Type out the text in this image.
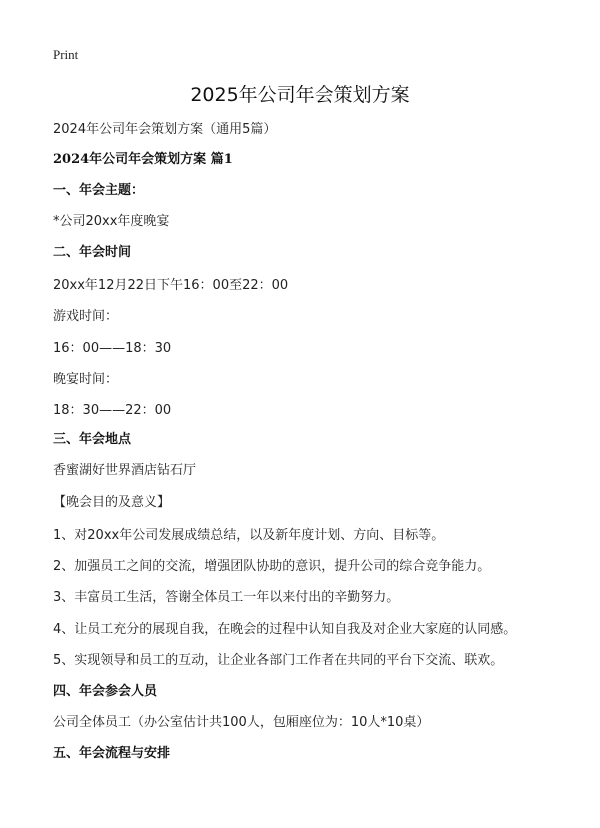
Print
2025年公司年会策划方案

2024年公司年会策划方案（通用5篇）

2024年公司年会策划方案 篇1

一、年会主题：

*公司20xx年度晚宴

二、年会时间

20xx年12月22日下午16：00至22：00

游戏时间：

16：00——18：30

晚宴时间：

18：30——22：00

三、年会地点

香蜜湖好世界酒店钻石厅

【晚会目的及意义】

1、对20xx年公司发展成绩总结，以及新年度计划、方向、目标等。

2、加强员工之间的交流，增强团队协助的意识，提升公司的综合竞争能力。

3、丰富员工生活，答谢全体员工一年以来付出的辛勤努力。

4、让员工充分的展现自我，在晚会的过程中认知自我及对企业大家庭的认同感。

5、实现领导和员工的互动，让企业各部门工作者在共同的平台下交流、联欢。

四、年会参会人员

公司全体员工（办公室估计共100人，包厢座位为：10人*10桌）

五、年会流程与安排
